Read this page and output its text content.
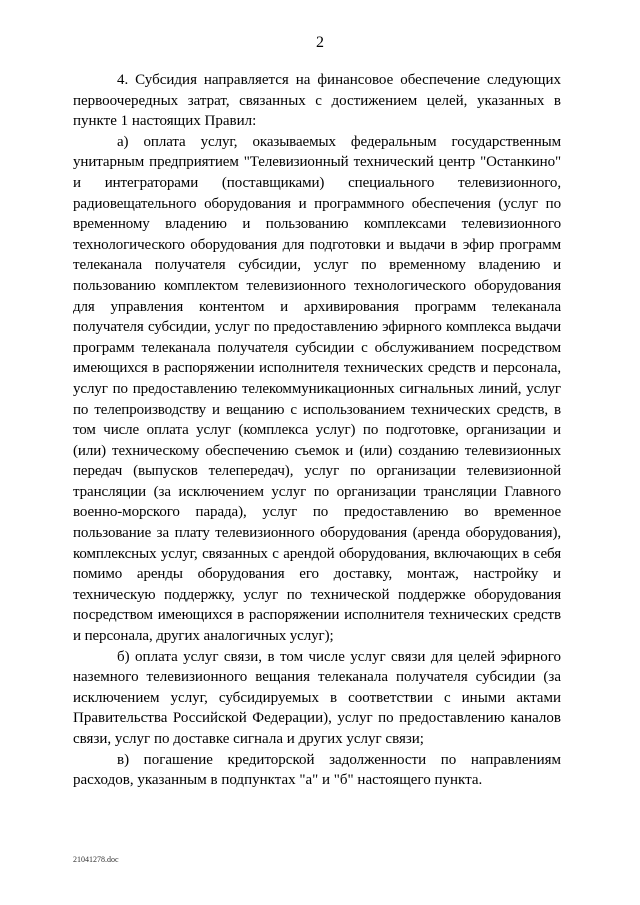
2

4. Субсидия направляется на финансовое обеспечение следующих первоочередных затрат, связанных с достижением целей, указанных в пункте 1 настоящих Правил:

а) оплата услуг, оказываемых федеральным государственным унитарным предприятием "Телевизионный технический центр "Останкино" и интеграторами (поставщиками) специального телевизионного, радиовещательного оборудования и программного обеспечения (услуг по временному владению и пользованию комплексами телевизионного технологического оборудования для подготовки и выдачи в эфир программ телеканала получателя субсидии, услуг по временному владению и пользованию комплектом телевизионного технологического оборудования для управления контентом и архивирования программ телеканала получателя субсидии, услуг по предоставлению эфирного комплекса выдачи программ телеканала получателя субсидии с обслуживанием посредством имеющихся в распоряжении исполнителя технических средств и персонала, услуг по предоставлению телекоммуникационных сигнальных линий, услуг по телепроизводству и вещанию с использованием технических средств, в том числе оплата услуг (комплекса услуг) по подготовке, организации и (или) техническому обеспечению съемок и (или) созданию телевизионных передач (выпусков телепередач), услуг по организации телевизионной трансляции (за исключением услуг по организации трансляции Главного военно-морского парада), услуг по предоставлению во временное пользование за плату телевизионного оборудования (аренда оборудования), комплексных услуг, связанных с арендой оборудования, включающих в себя помимо аренды оборудования его доставку, монтаж, настройку и техническую поддержку, услуг по технической поддержке оборудования посредством имеющихся в распоряжении исполнителя технических средств и персонала, других аналогичных услуг);

б) оплата услуг связи, в том числе услуг связи для целей эфирного наземного телевизионного вещания телеканала получателя субсидии (за исключением услуг, субсидируемых в соответствии с иными актами Правительства Российской Федерации), услуг по предоставлению каналов связи, услуг по доставке сигнала и других услуг связи;

в) погашение кредиторской задолженности по направлениям расходов, указанным в подпунктах "а" и "б" настоящего пункта.

21041278.doc
